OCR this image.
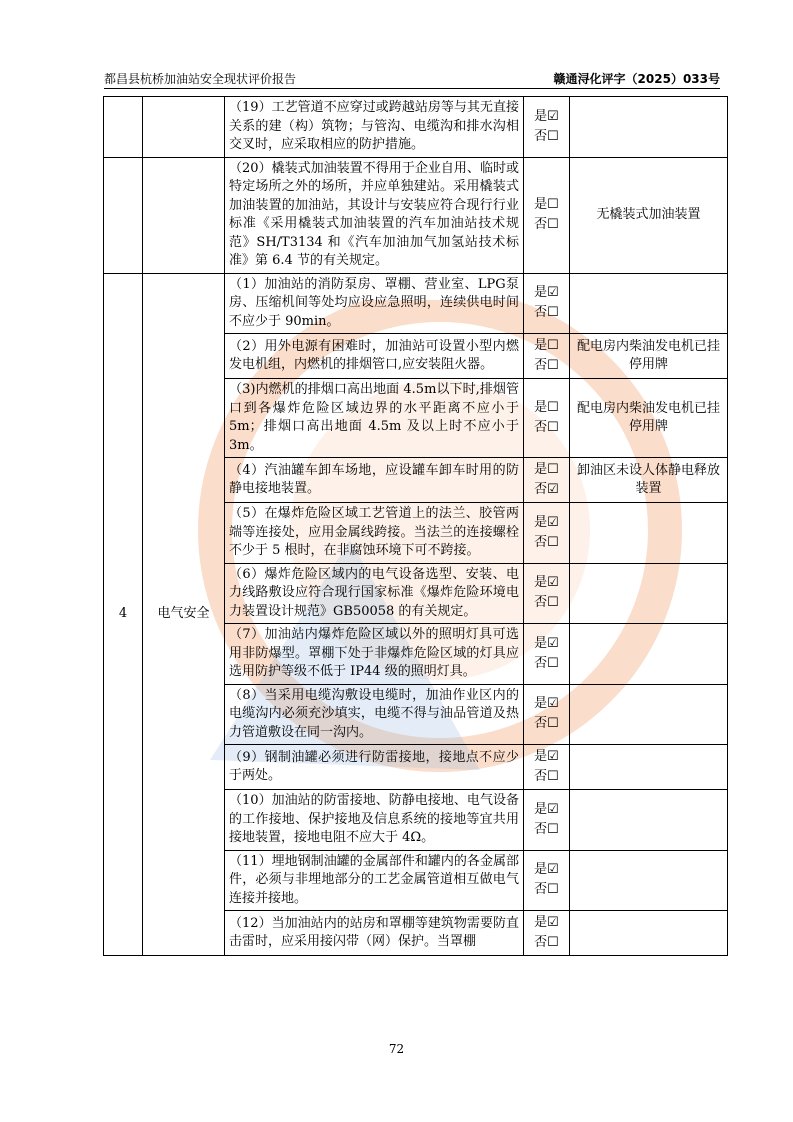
都昌县杭桥加油站安全现状评价报告	赣通浔化评字（2025）033号
		（19）工艺管道不应穿过或跨越站房等与其无直接关系的建（构）筑物；与管沟、电缆沟和排水沟相交叉时，应采取相应的防护措施。	是☑
否☐	

		（20）橇装式加油装置不得用于企业自用、临时或特定场所之外的场所，并应单独建站。采用橇装式加油装置的加油站，其设计与安装应符合现行行业标准《采用橇装式加油装置的汽车加油站技术规范》SH/T3134 和《汽车加油加气加氢站技术标准》第 6.4 节的有关规定。	是☐
否☐	无橇装式加油装置
4	电气安全	（1）加油站的消防泵房、罩棚、营业室、LPG泵房、压缩机间等处均应设应急照明，连续供电时间不应少于 90min。	是☑
否☐	

		（2）用外电源有困难时，加油站可设置小型内燃发电机组，内燃机的排烟管口,应安装阻火器。	是☐
否☐	配电房内柴油发电机已挂停用牌
		（3)内燃机的排烟口高出地面 4.5m以下时,排烟管口到各爆炸危险区域边界的水平距离不应小于 5m；排烟口高出地面 4.5m 及以上时不应小于 3m。	是☐
否☐	配电房内柴油发电机已挂停用牌
		（4）汽油罐车卸车场地，应设罐车卸车时用的防静电接地装置。	是☐
否☑	卸油区未设人体静电释放装置
		（5）在爆炸危险区域工艺管道上的法兰、胶管两端等连接处，应用金属线跨接。当法兰的连接螺栓不少于 5 根时，在非腐蚀环境下可不跨接。	是☑
否☐	

		（6）爆炸危险区域内的电气设备选型、安装、电力线路敷设应符合现行国家标准《爆炸危险环境电力装置设计规范》GB50058 的有关规定。	是☑
否☐	

		（7）加油站内爆炸危险区域以外的照明灯具可选用非防爆型。罩棚下处于非爆炸危险区域的灯具应选用防护等级不低于 IP44 级的照明灯具。	是☑
否☐	

		（8）当采用电缆沟敷设电缆时，加油作业区内的电缆沟内必须充沙填实，电缆不得与油品管道及热力管道敷设在同一沟内。	是☑
否☐	

		（9）钢制油罐必须进行防雷接地，接地点不应少于两处。	是☑
否☐	

		（10）加油站的防雷接地、防静电接地、电气设备的工作接地、保护接地及信息系统的接地等宜共用接地装置，接地电阻不应大于 4Ω。	是☑
否☐	

		（11）埋地钢制油罐的金属部件和罐内的各金属部件，必须与非埋地部分的工艺金属管道相互做电气连接并接地。	是☑
否☐	

		（12）当加油站内的站房和罩棚等建筑物需要防直击雷时，应采用接闪带（网）保护。当罩棚	是☑
否☐	

72
